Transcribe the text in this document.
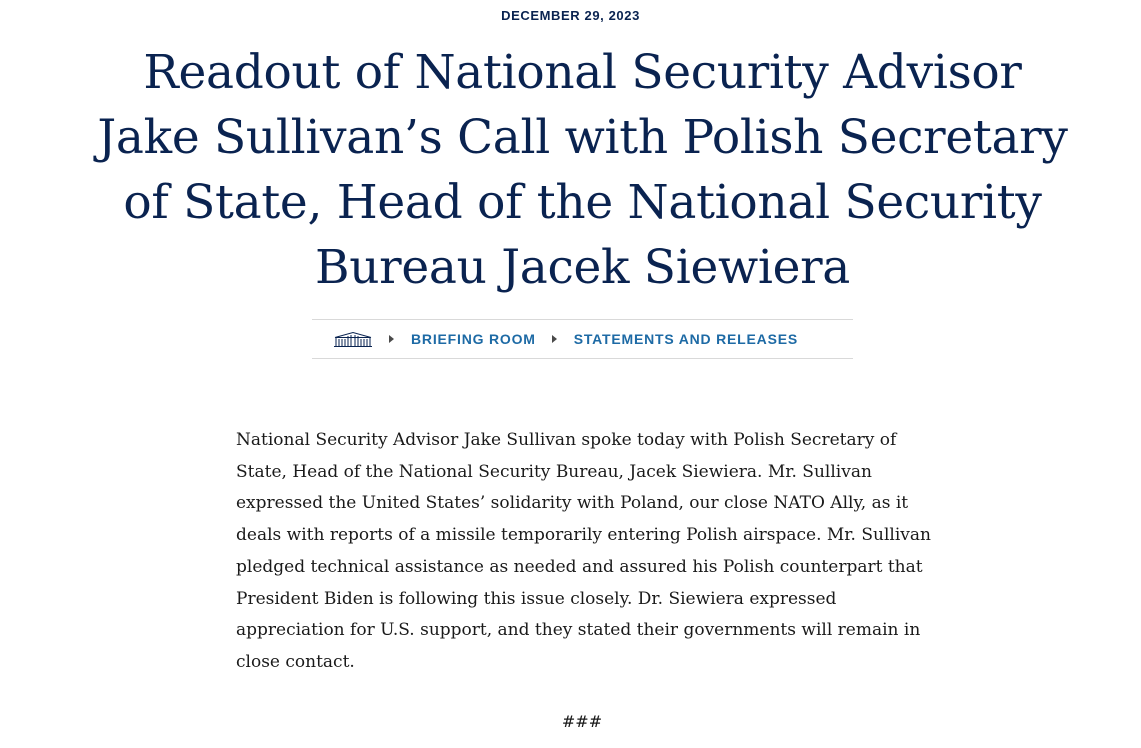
DECEMBER 29, 2023
Readout of National Security Advisor Jake Sullivan’s Call with Polish Secretary of State, Head of the National Security Bureau Jacek Siewiera
BRIEFING ROOM	STATEMENTS AND RELEASES

National Security Advisor Jake Sullivan spoke today with Polish Secretary of State, Head of the National Security Bureau, Jacek Siewiera. Mr. Sullivan expressed the United States’ solidarity with Poland, our close NATO Ally, as it deals with reports of a missile temporarily entering Polish airspace. Mr. Sullivan pledged technical assistance as needed and assured his Polish counterpart that President Biden is following this issue closely. Dr. Siewiera expressed appreciation for U.S. support, and they stated their governments will remain in close contact.

###
